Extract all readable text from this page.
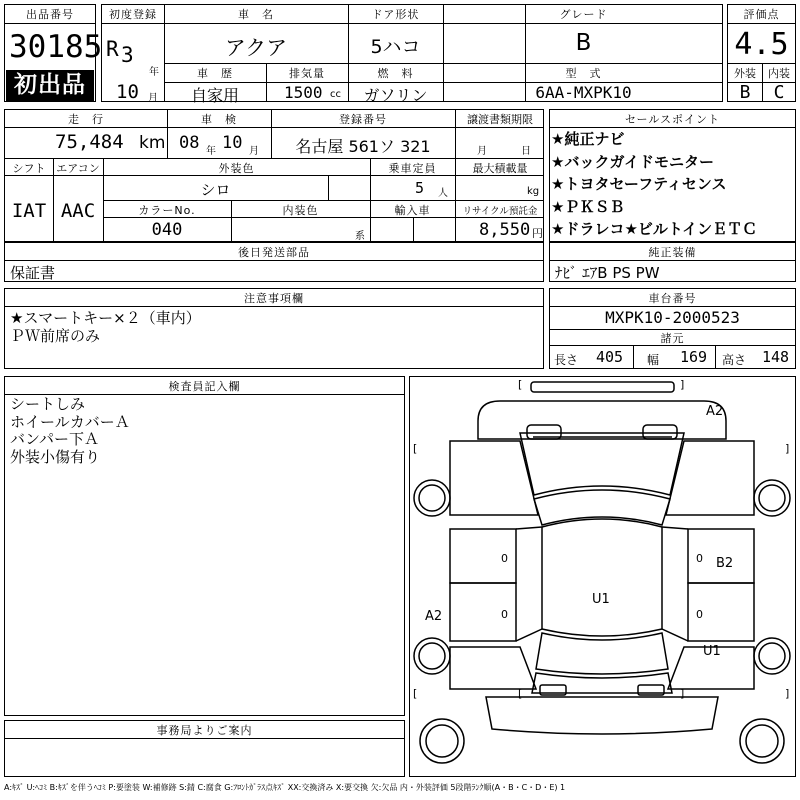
出品番号
30185
初出品
初度登録
R 3
年
10 月
車　名
アクア
ドア形状
5ハコ
グレード
B
車　歴
自家用
排気量
1500 cc
燃　料
ガソリン
型　式
6AA-MXPK10
評価点
4.5
外装	内装
B	C
走　行
75,484 km
車　検
08 年 10 月
登録番号
名古屋 561ソ 321
譲渡書類期限
月	日
シフト
IAT
エアコン
AAC
外装色
シロ
乗車定員
5 人
最大積載量
kg
カラーNo.
040
内装色
系
輸入車	リサイクル預託金
8,550 円
セールスポイント
★純正ナビ
★バックガイドモニター
★トヨタセーフティセンス
★ＰＫＳＢ
★ドラレコ★ビルトインＥＴＣ
後日発送部品
保証書
純正装備
ﾅﾋﾞ ｴｱB PS PW
注意事項欄
★スマートキー×２（車内）
ＰＷ前席のみ
車台番号
MXPK10-2000523
諸元
長さ 405 幅 169 高さ 148
検査員記入欄
シートしみ
ホイールカバーＡ
バンパー下Ａ
外装小傷有り
事務局よりご案内
A2
B2
U1
A2
U1
[	]
[	]
[	]
[	]
0
0
0
0
A:ｷｽﾞ U:ﾍｺﾐ B:ｷｽﾞを伴うﾍｺﾐ P:要塗装 W:補修跡 S:錆 C:腐食 G:ﾌﾛﾝﾄｶﾞﾗｽ点ｷｽﾞ XX:交換済み X:要交換 欠:欠品 内・外装評価 5段階ﾗﾝｸ順(A・B・C・D・E) 1
